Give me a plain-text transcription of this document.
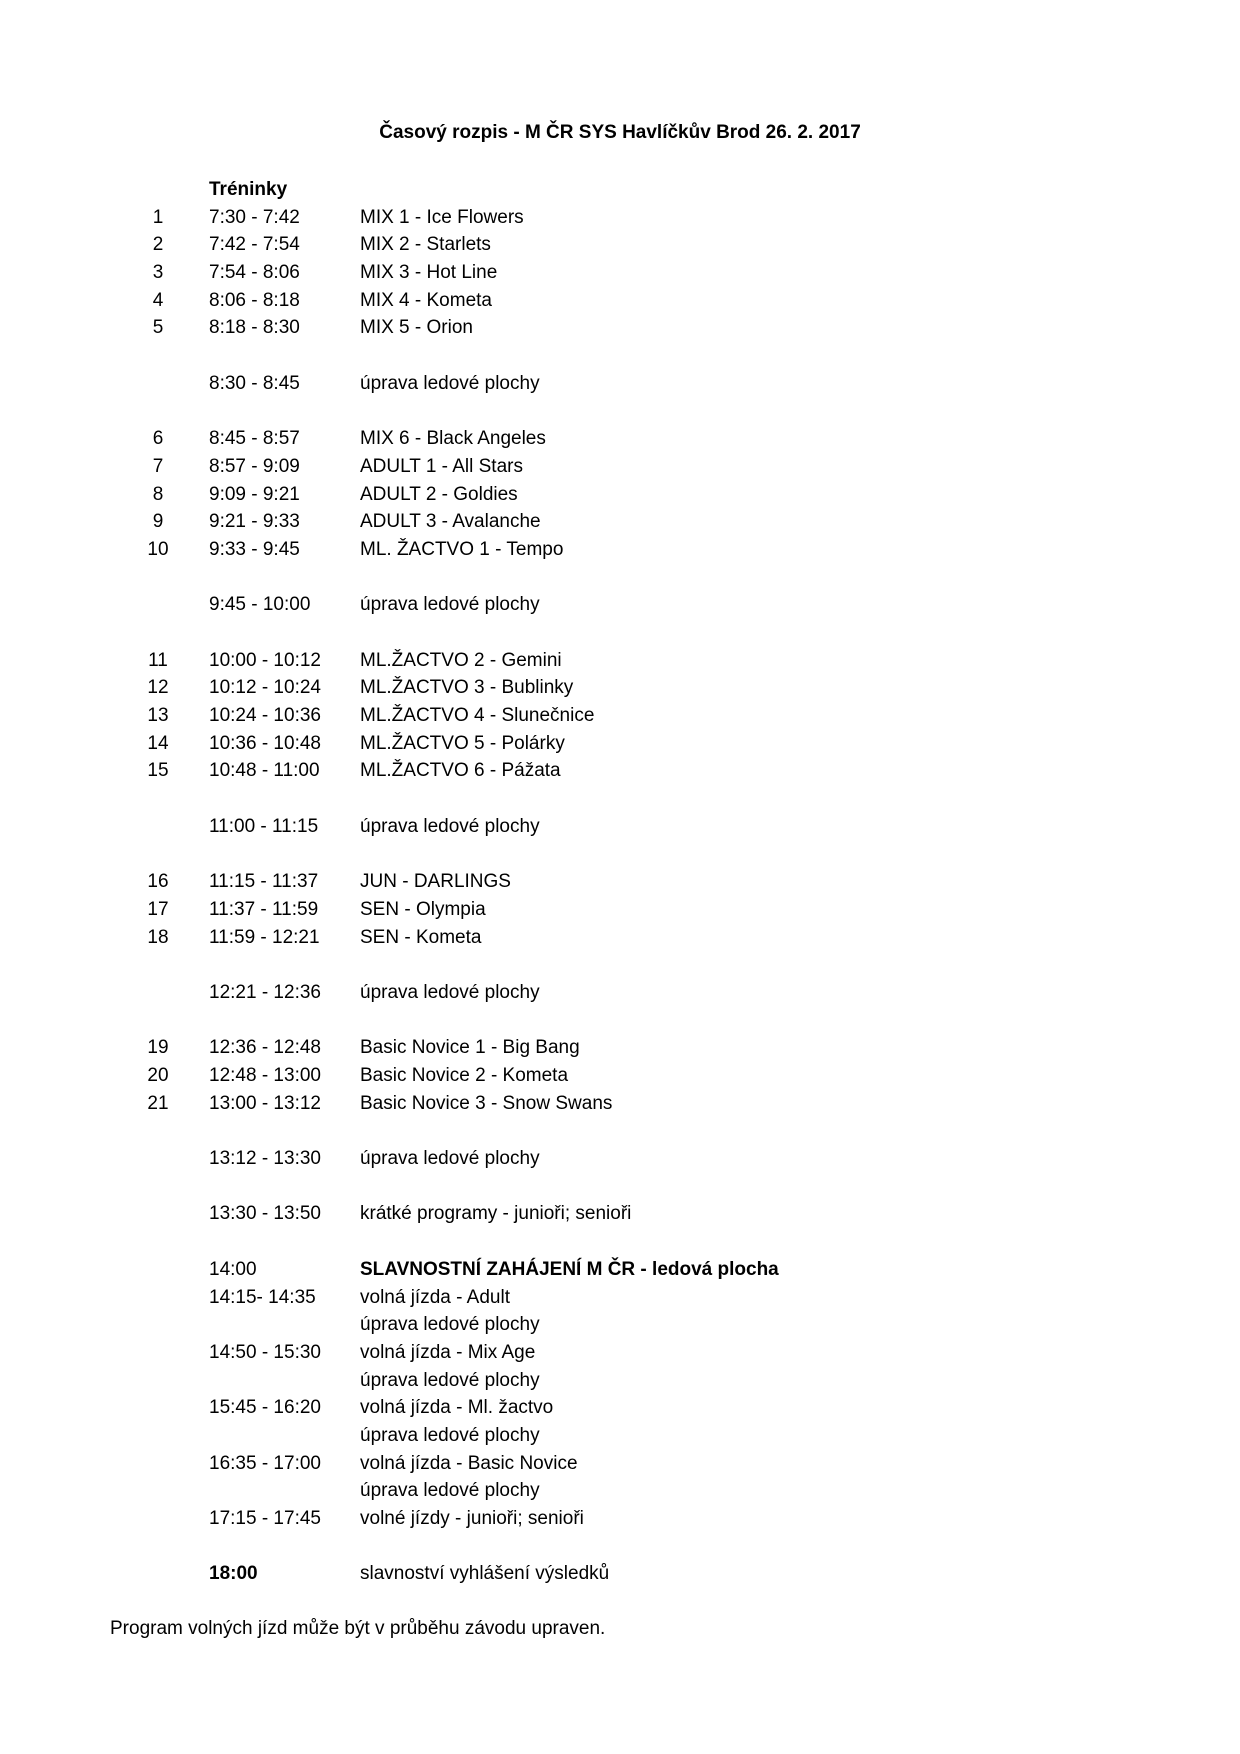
Časový rozpis - M ČR SYS Havlíčkův Brod 26. 2. 2017
Tréninky
1	7:30 - 7:42	MIX 1 - Ice Flowers
2	7:42 - 7:54	MIX 2 - Starlets
3	7:54 - 8:06	MIX 3 - Hot Line
4	8:06 - 8:18	MIX 4 - Kometa
5	8:18 - 8:30	MIX 5 - Orion
8:30 - 8:45	úprava ledové plochy
6	8:45 - 8:57	MIX 6 - Black Angeles
7	8:57 - 9:09	ADULT 1 - All Stars
8	9:09 - 9:21	ADULT 2 - Goldies
9	9:21 - 9:33	ADULT 3 - Avalanche
10	9:33 - 9:45	ML. ŽACTVO 1 - Tempo
9:45 - 10:00	úprava ledové plochy
11	10:00 - 10:12 ML.ŽACTVO 2 - Gemini
12	10:12 - 10:24 ML.ŽACTVO 3 - Bublinky
13	10:24 - 10:36 ML.ŽACTVO 4 - Slunečnice
14	10:36 - 10:48 ML.ŽACTVO 5 - Polárky
15	10:48 - 11:00 ML.ŽACTVO 6 - Pážata
11:00 - 11:15 úprava ledové plochy
16	11:15 - 11:37 JUN - DARLINGS
17	11:37 - 11:59 SEN - Olympia
18	11:59 - 12:21 SEN - Kometa
12:21 - 12:36 úprava ledové plochy
19	12:36 - 12:48 Basic Novice 1 - Big Bang
20	12:48 - 13:00 Basic Novice 2 - Kometa
21	13:00 - 13:12 Basic Novice 3 - Snow Swans
13:12 - 13:30 úprava ledové plochy
13:30 - 13:50 krátké programy - junioři; senioři
14:00	SLAVNOSTNÍ ZAHÁJENÍ M ČR - ledová plocha
14:15- 14:35 volná jízda - Adult
úprava ledové plochy
14:50 - 15:30 volná jízda - Mix Age
úprava ledové plochy
15:45 - 16:20 volná jízda - Ml. žactvo
úprava ledové plochy
16:35 - 17:00 volná jízda - Basic Novice
úprava ledové plochy
17:15 - 17:45 volné jízdy - junioři; senioři
18:00	slavnoství vyhlášení výsledků
Program volných jízd může být v průběhu závodu upraven.
